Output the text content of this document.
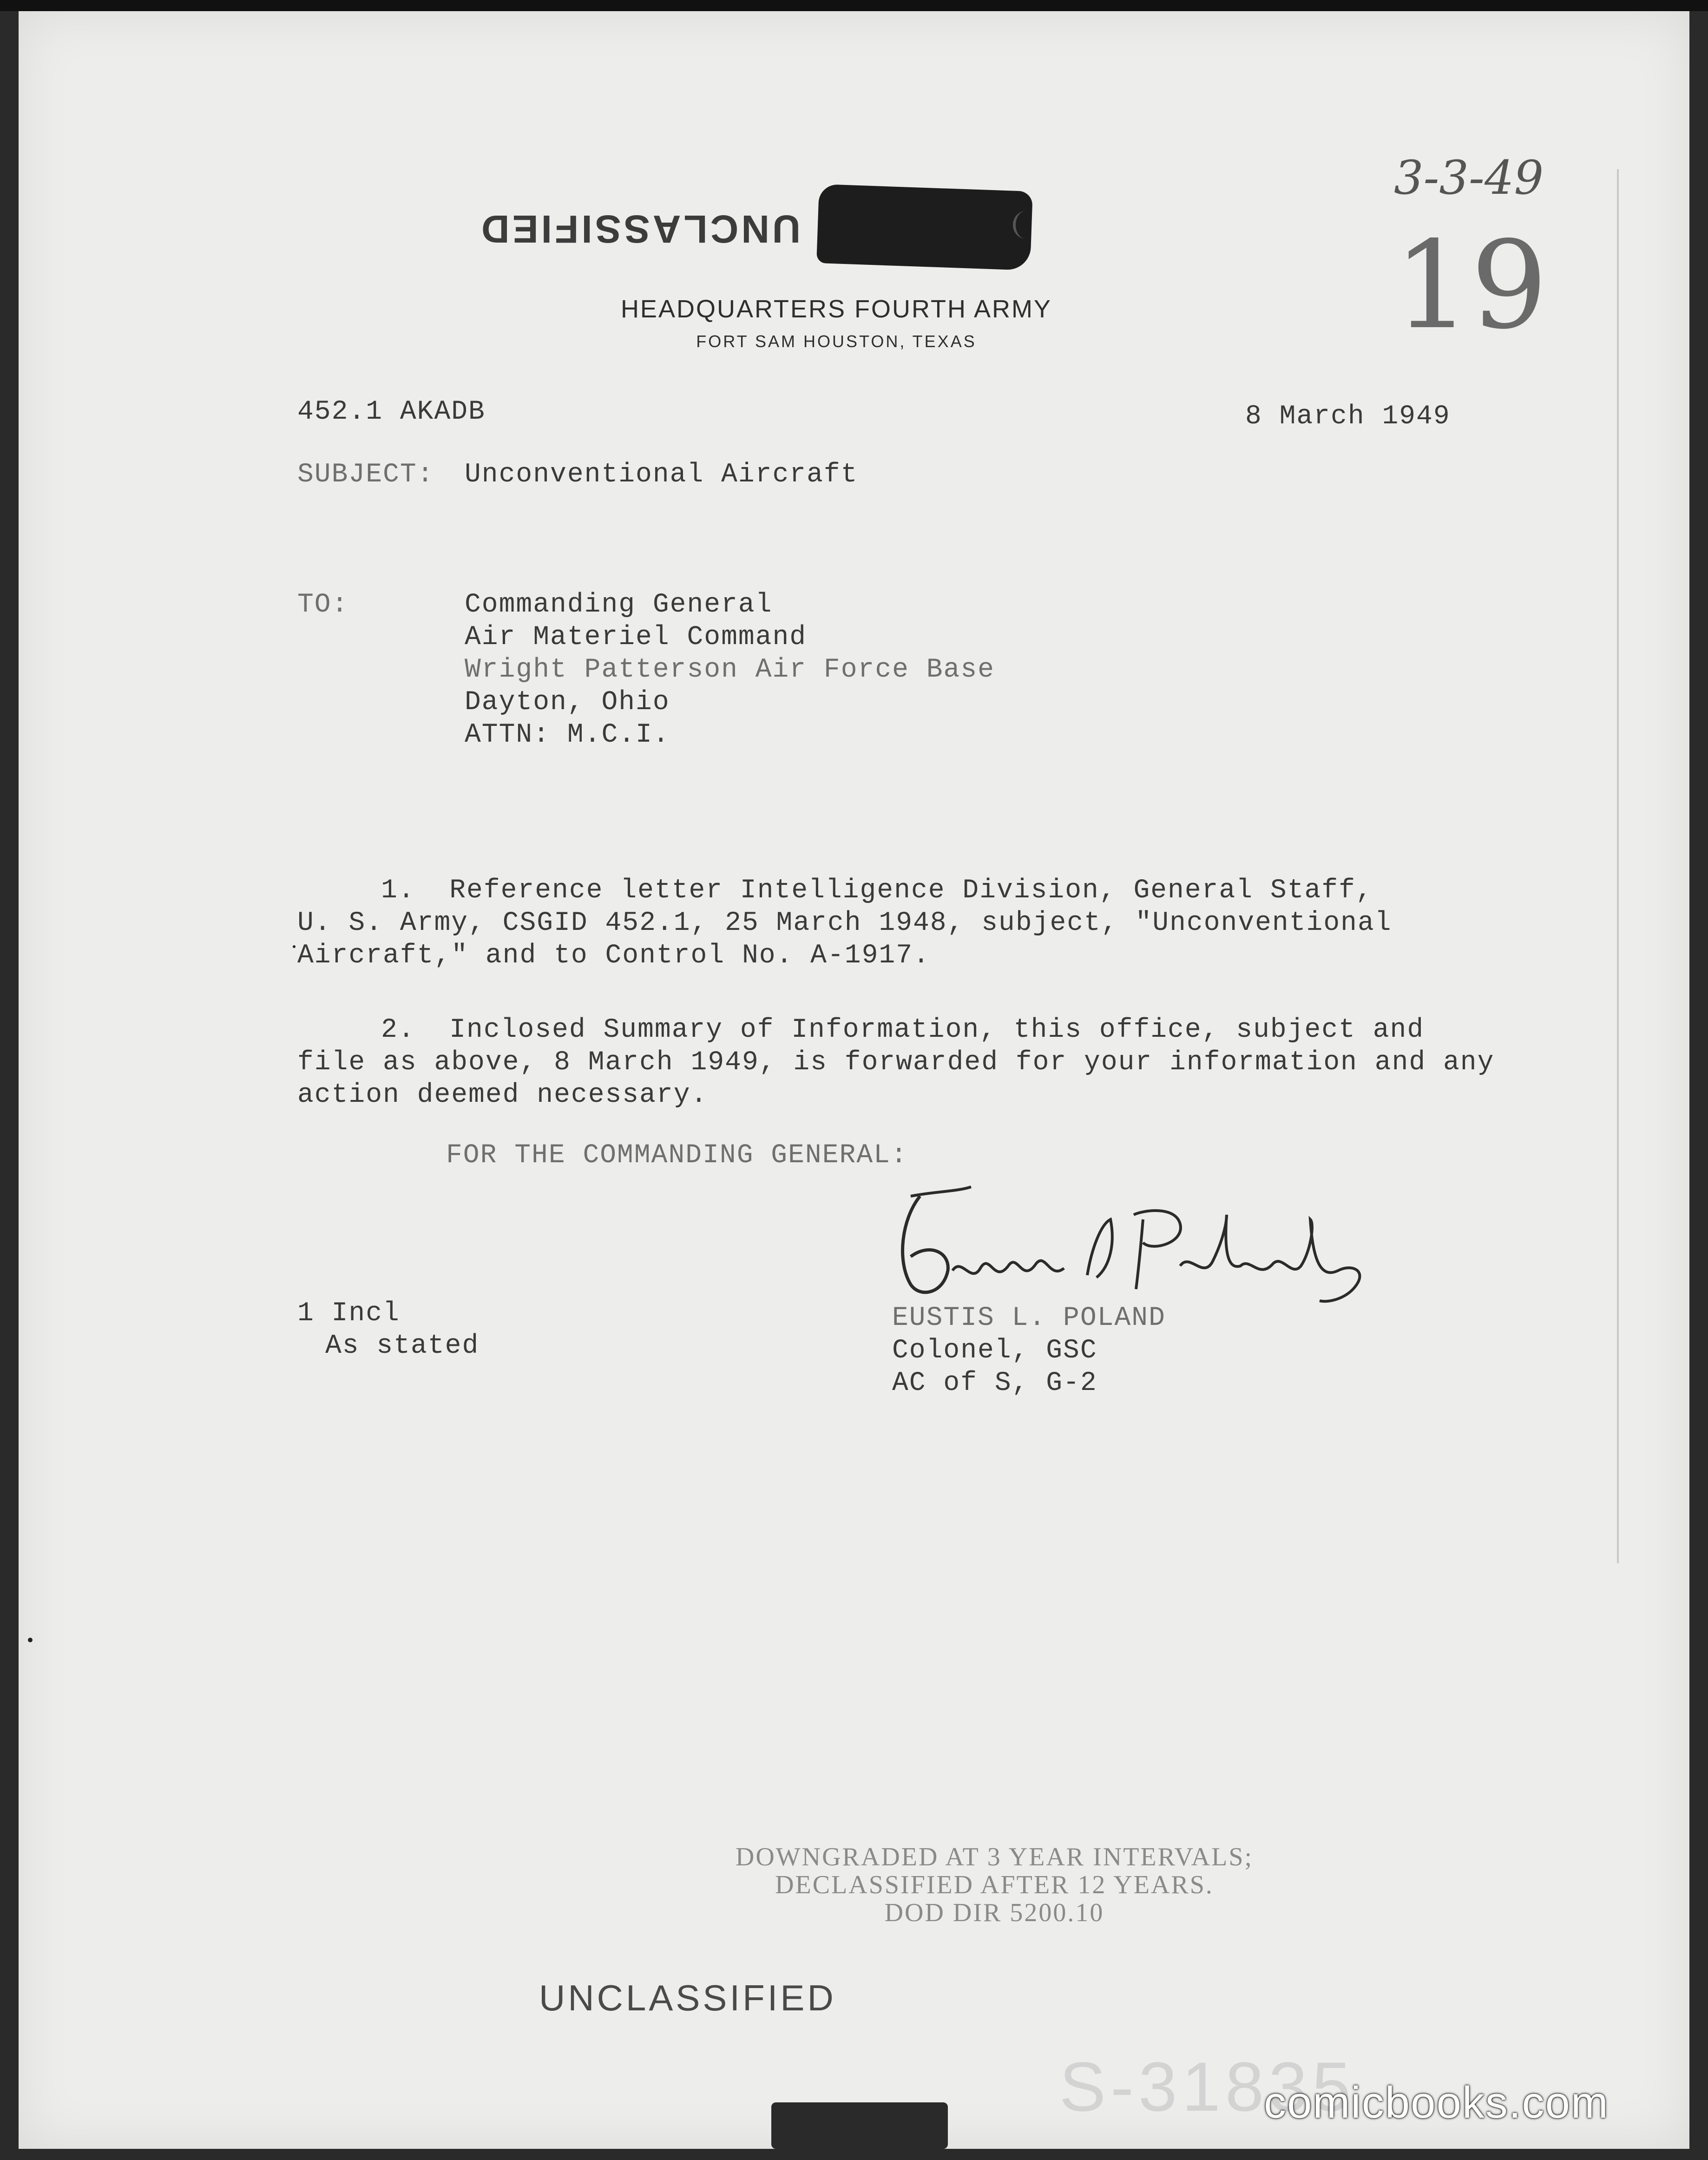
3-3-49
19
UNCLASSIFIED
HEADQUARTERS FOURTH ARMY
FORT SAM HOUSTON, TEXAS
452.1 AKADB	8 March 1949
SUBJECT: Unconventional Aircraft
TO:	Commanding General
Air Materiel Command
Wright Patterson Air Force Base
Dayton, Ohio
ATTN: M.C.I.
1.  Reference letter Intelligence Division, General Staff,
U. S. Army, CSGID 452.1, 25 March 1948, subject, "Unconventional
Aircraft," and to Control No. A-1917.
2.  Inclosed Summary of Information, this office, subject and
file as above, 8 March 1949, is forwarded for your information and any
action deemed necessary.
FOR THE COMMANDING GENERAL:
EUSTIS L. POLAND
Colonel, GSC
AC of S, G-2
1 Incl
As stated
DOWNGRADED AT 3 YEAR INTERVALS;
DECLASSIFIED AFTER 12 YEARS.
DOD DIR 5200.10
UNCLASSIFIED
S-31835
comicbooks.com
